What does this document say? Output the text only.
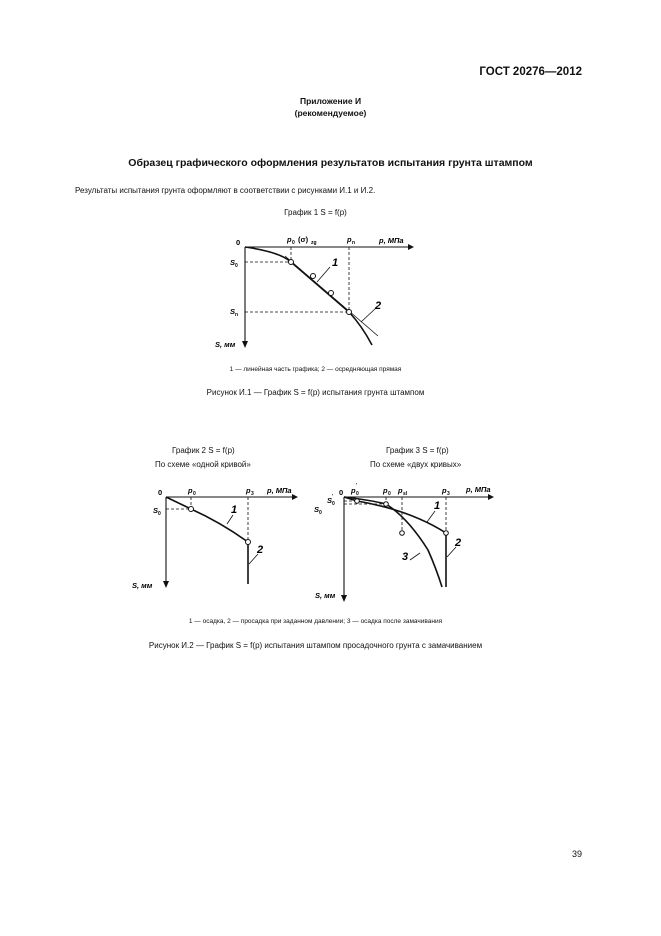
ГОСТ 20276—2012
Приложение И
(рекомендуемое)
Образец графического оформления результатов испытания грунта штампом
Результаты испытания грунта оформляют в соответствии с рисунками И.1 и И.2.
График 1 S = f(p)
0	p, МПа
S, мм
p 0 (σ) zg	p n
S 0
S n
1
2
1 — линейная часть графика; 2 — осредняющая прямая
Рисунок И.1 — График S = f(p) испытания грунта штампом
График 2 S = f(p)
По схеме «одной кривой»
0	p, МПа
S, мм
p 0	p 3
S 0	1
2
График 3 S = f(p)
По схеме «двух кривых»
0	p, МПа
S, мм
p 0
'	p 0 p sl	p 3
S 0
'
S 0
1
2
3
1 — осадка, 2 — просадка при заданном давлении; 3 — осадка после замачивания
Рисунок И.2 — График S = f(p) испытания штампом просадочного грунта с замачиванием
39
